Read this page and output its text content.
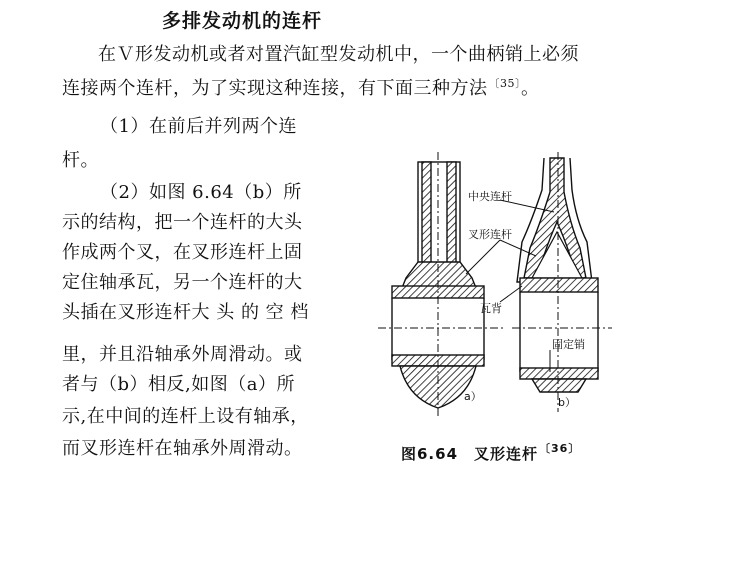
多排发动机的连杆
在Ｖ形发动机或者对置汽缸型发动机中，一个曲柄销上必须
连接两个连杆，为了实现这种连接，有下面三种方法$^{〔35〕}$。
（1）在前后并列两个连
杆。
（2）如图 6.64（b）所
示的结构，把一个连杆的大头
作成两个叉，在叉形连杆上固
定住轴承瓦，另一个连杆的大
头插在叉形连杆大 头 的 空 档
里，并且沿轴承外周滑动。或
者与（b）相反,如图（a）所
示,在中间的连杆上设有轴承，
而叉形连杆在轴承外周滑动。
中央连杆
叉形连杆
瓦背
固定销
a）	b）
图6.64　叉形连杆$^{〔36〕}$
